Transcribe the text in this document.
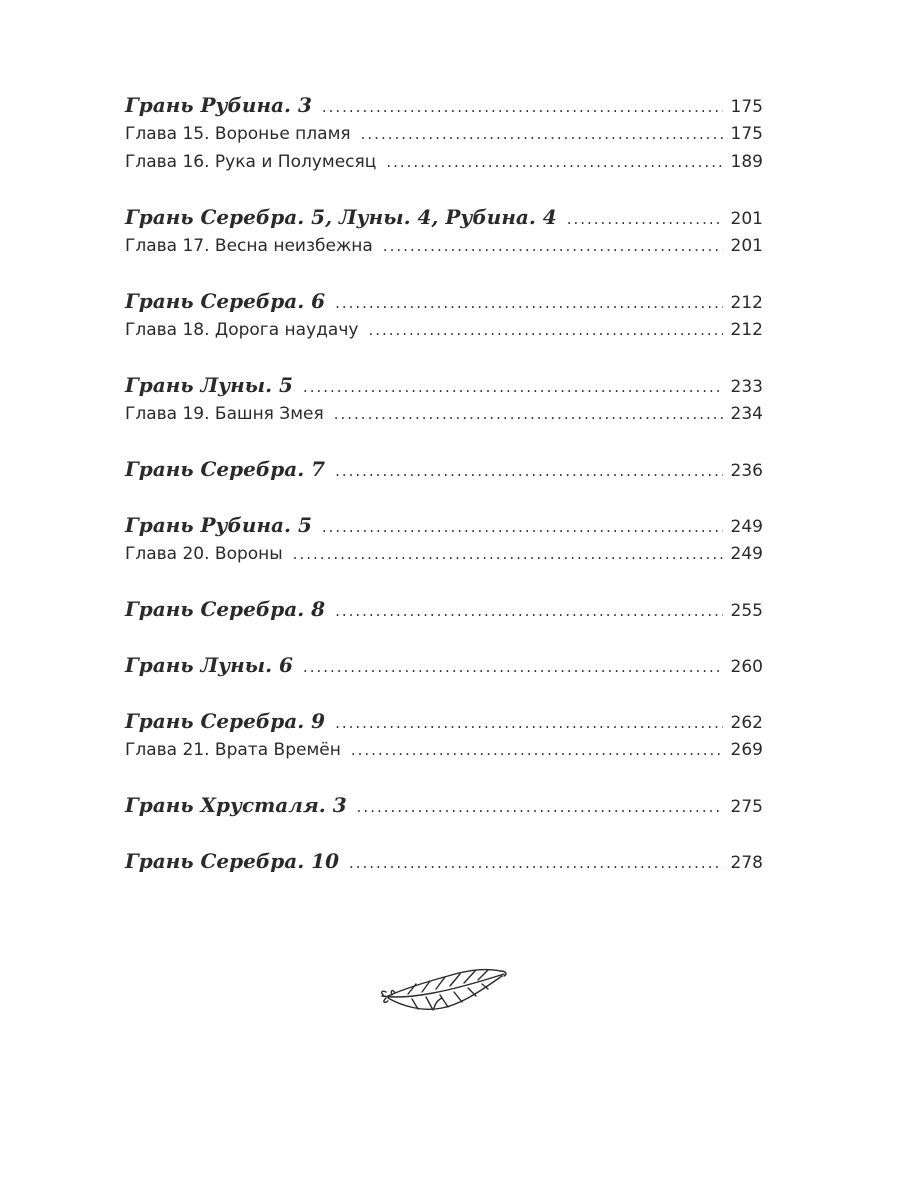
Грань Рубина. 3 .....	175
Глава 15. Воронье пламя .....	175
Глава 16. Рука и Полумесяц .....	189
Грань Серебра. 5, Луны. 4, Рубина. 4 .....	201
Глава 17. Весна неизбежна .....	201
Грань Серебра. 6 .....	212
Глава 18. Дорога наудачу .....	212
Грань Луны. 5 .....	233
Глава 19. Башня Змея .....	234
Грань Серебра. 7 .....	236
Грань Рубина. 5 .....	249
Глава 20. Вороны .....	249
Грань Серебра. 8 .....	255
Грань Луны. 6 .....	260
Грань Серебра. 9 .....	262
Глава 21. Врата Времён .....	269
Грань Хрусталя. 3 .....	275
Грань Серебра. 10 .....	278
